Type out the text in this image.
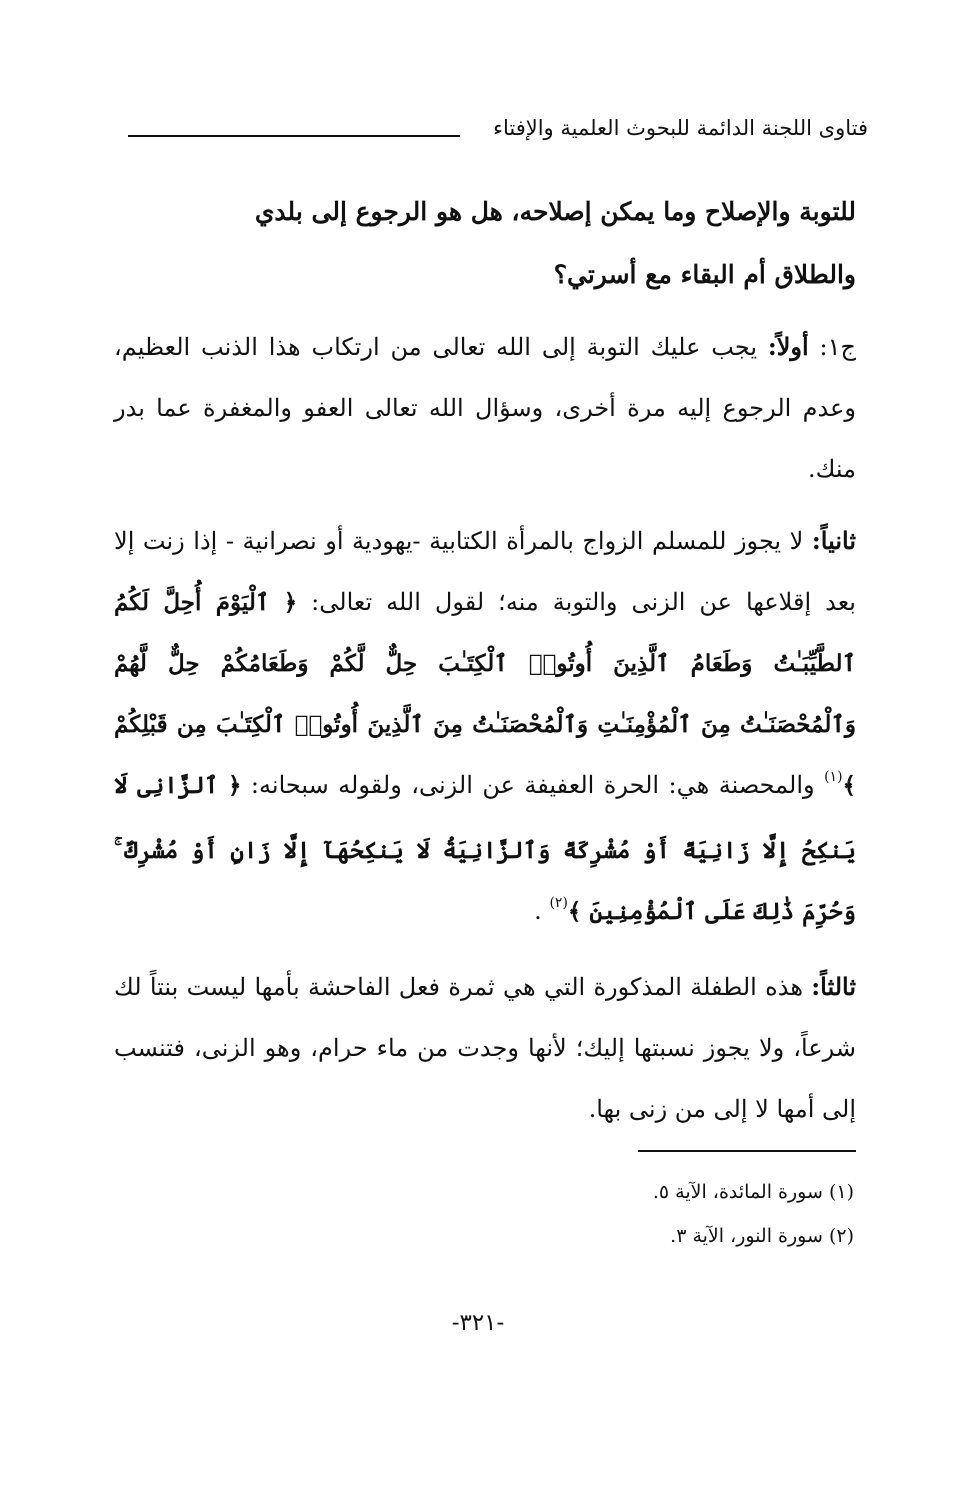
فتاوى اللجنة الدائمة للبحوث العلمية والإفتاء

للتوبة والإصلاح وما يمكن إصلاحه، هل هو الرجوع إلى بلدي

والطلاق أم البقاء مع أسرتي؟

ج١: أولاً: يجب عليك التوبة إلى الله تعالى من ارتكاب هذا الذنب العظيم، وعدم الرجوع إليه مرة أخرى، وسؤال الله تعالى العفو والمغفرة عما بدر منك.

ثانياً: لا يجوز للمسلم الزواج بالمرأة الكتابية -يهودية أو نصرانية - إذا زنت إلا بعد إقلاعها عن الزنى والتوبة منه؛ لقول الله تعالى: ﴿ ٱلْيَوْمَ أُحِلَّ لَكُمُ ٱلطَّيِّبَـٰتُ وَطَعَامُ ٱلَّذِينَ أُوتُوا۟ ٱلْكِتَـٰبَ حِلٌّ لَّكُمْ وَطَعَامُكُمْ حِلٌّ لَّهُمْ وَٱلْمُحْصَنَـٰتُ مِنَ ٱلْمُؤْمِنَـٰتِ وَٱلْمُحْصَنَـٰتُ مِنَ ٱلَّذِينَ أُوتُوا۟ ٱلْكِتَـٰبَ مِن قَبْلِكُمْ ﴾$^{(١)}$ والمحصنة هي: الحرة العفيفة عن الزنى، ولقوله سبحانه: ﴿ ٱلزَّانِى لَا يَنكِحُ إِلَّا زَانِيَةً أَوْ مُشْرِكَةً وَٱلزَّانِيَةُ لَا يَنكِحُهَآ إِلَّا زَانٍ أَوْ مُشْرِكٌ ۚ وَحُرِّمَ ذَٰلِكَ عَلَى ٱلْمُؤْمِنِينَ ﴾$^{(٢)}$ .

ثالثاً: هذه الطفلة المذكورة التي هي ثمرة فعل الفاحشة بأمها ليست بنتاً لك شرعاً، ولا يجوز نسبتها إليك؛ لأنها وجدت من ماء حرام، وهو الزنى، فتنسب إلى أمها لا إلى من زنى بها.

(١) سورة المائدة، الآية ٥.
(٢) سورة النور، الآية ٣.
-٣٢١-
